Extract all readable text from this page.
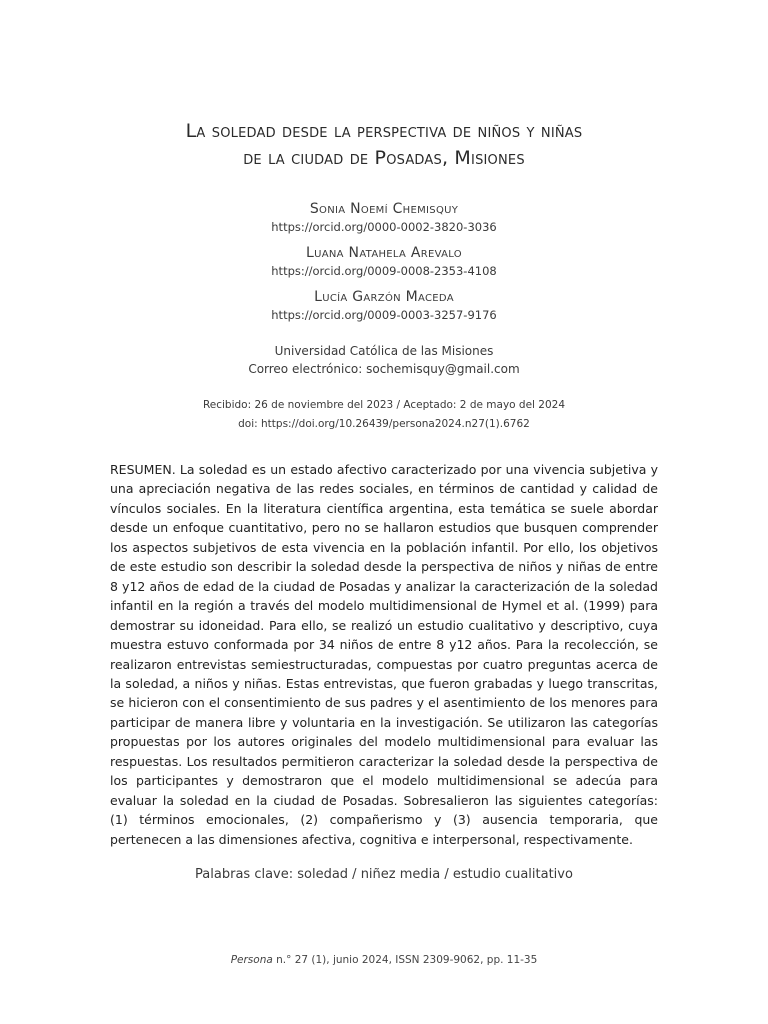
La soledad desde la perspectiva de niños y niñas
de la ciudad de Posadas, Misiones
Sonia Noemí Chemisquy
https://orcid.org/0000-0002-3820-3036
Luana Natahela Arevalo
https://orcid.org/0009-0008-2353-4108
Lucía Garzón Maceda
https://orcid.org/0009-0003-3257-9176
Universidad Católica de las Misiones
Correo electrónico: sochemisquy@gmail.com
Recibido: 26 de noviembre del 2023 / Aceptado: 2 de mayo del 2024
doi: https://doi.org/10.26439/persona2024.n27(1).6762

RESUMEN. La soledad es un estado afectivo caracterizado por una vivencia subjetiva y una apreciación negativa de las redes sociales, en términos de cantidad y calidad de vínculos sociales. En la literatura científica argentina, esta temática se suele abordar desde un enfoque cuantitativo, pero no se hallaron estudios que busquen comprender los aspectos subjetivos de esta vivencia en la población infantil. Por ello, los objetivos de este estudio son describir la soledad desde la perspectiva de niños y niñas de entre 8 y12 años de edad de la ciudad de Posadas y analizar la caracterización de la soledad infantil en la región a través del modelo multidimensional de Hymel et al. (1999) para demostrar su idoneidad. Para ello, se realizó un estudio cualitativo y descriptivo, cuya muestra estuvo conformada por 34 niños de entre 8 y12 años. Para la recolección, se realizaron entrevistas semiestructuradas, compuestas por cuatro preguntas acerca de la soledad, a niños y niñas. Estas entrevistas, que fueron grabadas y luego transcritas, se hicieron con el consentimiento de sus padres y el asentimiento de los menores para participar de manera libre y voluntaria en la investigación. Se utilizaron las categorías propuestas por los autores originales del modelo multidimensional para evaluar las respuestas. Los resultados permitieron caracterizar la soledad desde la perspectiva de los participantes y demostraron que el modelo multidimensional se adecúa para evaluar la soledad en la ciudad de Posadas. Sobresalieron las siguientes categorías: (1) términos emocionales, (2) compañerismo y (3) ausencia temporaria, que pertenecen a las dimensiones afectiva, cognitiva e interpersonal, respectivamente.

Palabras clave: soledad / niñez media / estudio cualitativo
Persona n.° 27 (1), junio 2024, ISSN 2309-9062, pp. 11-35
